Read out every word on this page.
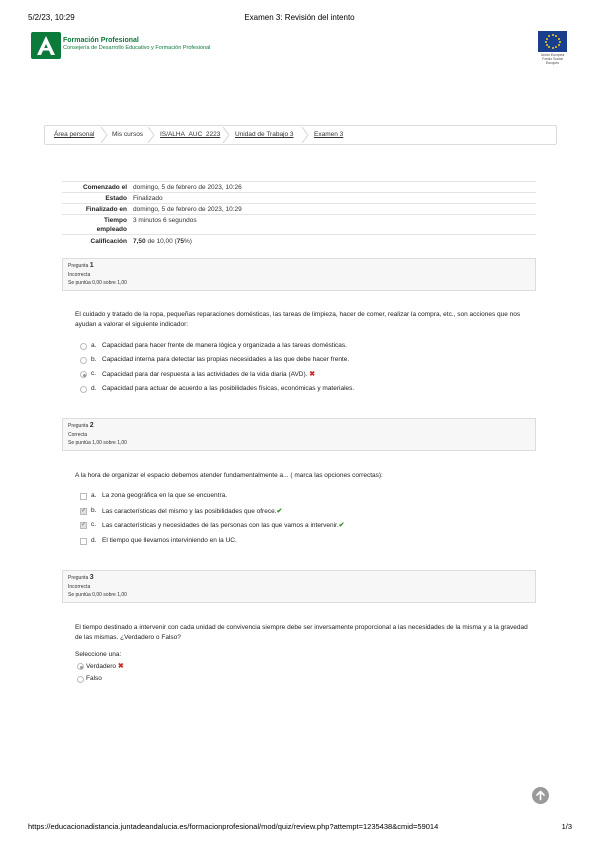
5/2/23, 10:29	Examen 3: Revisión del intento
Formación Profesional
Consejería de Desarrollo Educativo y Formación Profesional
Unión Europea
Fondo Social Europeo
Área personal	Mis cursos	IS/ALHA_AUC_2223 Unidad de Trabajo 3	Examen 3
Comenzado el domingo, 5 de febrero de 2023, 10:26
Estado Finalizado
Finalizado en domingo, 5 de febrero de 2023, 10:29
Tiempo
empleado
3 minutos 6 segundos
Calificación 7,50 de 10,00 (75%)
Pregunta 1
Incorrecta
Se puntúa 0,00 sobre 1,00
El cuidado y tratado de la ropa, pequeñas reparaciones domésticas, las tareas de limpieza, hacer de comer, realizar la compra, etc., son acciones que nos ayudan a valorar el siguiente indicador:
a. Capacidad para hacer frente de manera lógica y organizada a las tareas domésticas.
b. Capacidad interna para detectar las propias necesidades a las que debe hacer frente.
c. Capacidad para dar respuesta a las actividades de la vida diaria (AVD). ✖
d. Capacidad para actuar de acuerdo a las posibilidades físicas, económicas y materiales.
Pregunta 2
Correcta
Se puntúa 1,00 sobre 1,00
A la hora de organizar el espacio debemos atender fundamentalmente a... ( marca las opciones correctas):
a. La zona geográfica en la que se encuentra.
✓
b. Las características del mismo y las posibilidades que ofrece.✔
✓
c. Las características y necesidades de las personas con las que vamos a intervenir.✔
d. El tiempo que llevamos interviniendo en la UC.
Pregunta 3
Incorrecta
Se puntúa 0,00 sobre 1,00
El tiempo destinado a intervenir con cada unidad de convivencia siempre debe ser inversamente proporcional a las necesidades de la misma y a la gravedad de las mismas. ¿Verdadero o Falso?
Seleccione una:
Verdadero ✖
Falso
https://educacionadistancia.juntadeandalucia.es/formacionprofesional/mod/quiz/review.php?attempt=1235438&cmid=59014	1/3
